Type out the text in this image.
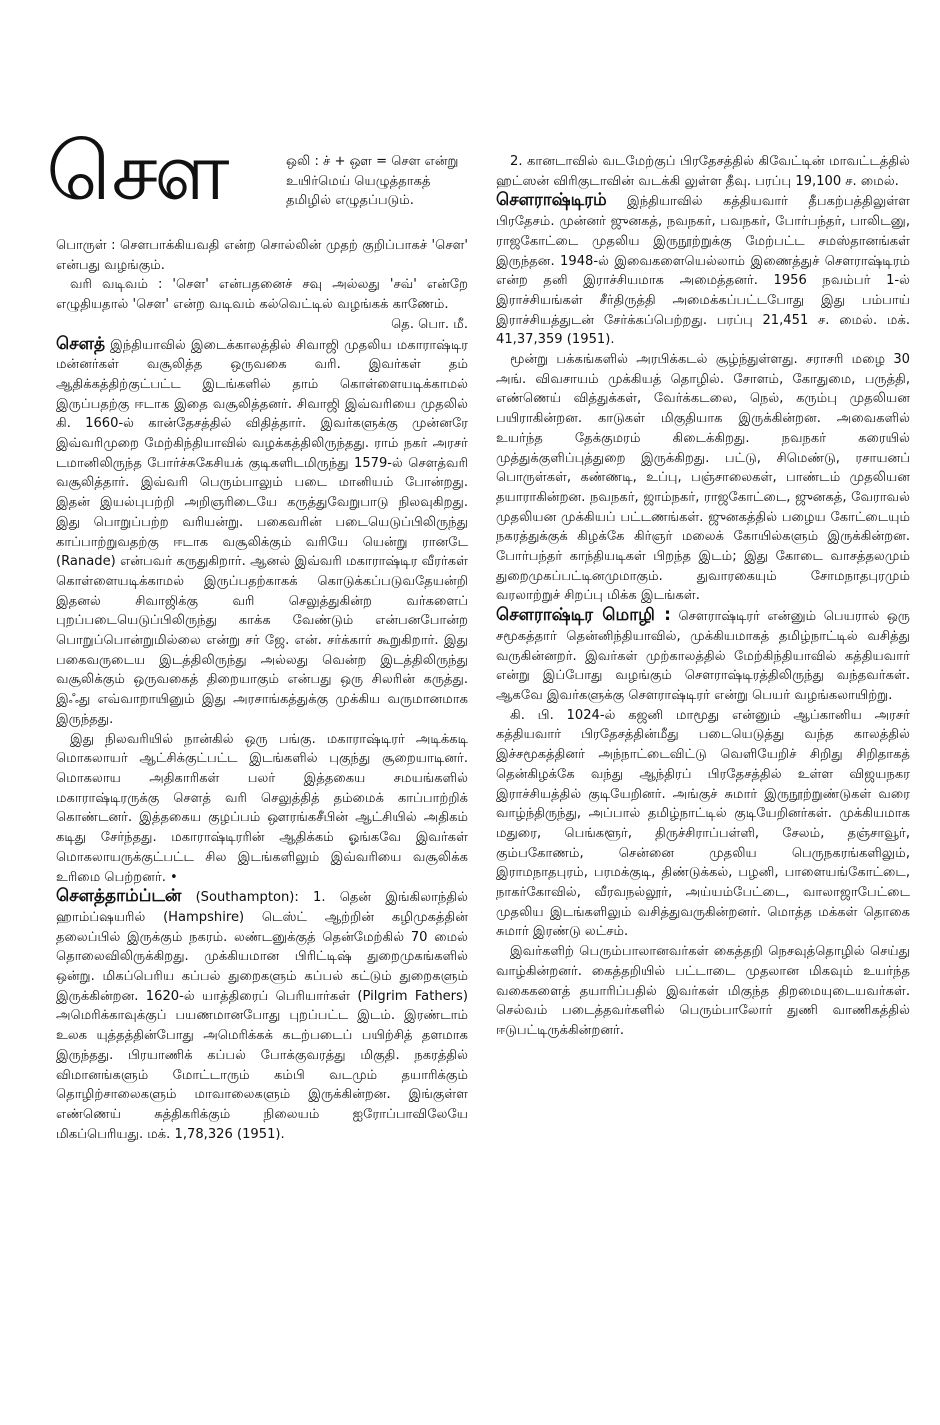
செள	ஒலி : ச் + ஔ = செள என்று உயிர்மெய் யெழுத்தாகத் தமிழில் எழுதப்படும்.

பொருள் : சௌபாக்கியவதி என்ற சொல்லின் முதற் குறிப்பாகச் 'செள' என்பது வழங்கும்.

வரி வடிவம் : 'சௌ' என்பதனைச் சவு அல்லது 'சவ்' என்றே எழுதியதால் 'செள' என்ற வடிவம் கல்வெட்டில் வழங்கக் காணேம்.
தெ. பொ. மீ.

செளத் இந்தியாவில் இடைக்காலத்தில் சிவாஜி முதலிய மகாராஷ்டிர மன்னர்கள் வசூலித்த ஒருவகை வரி. இவர்கள் தம் ஆதிக்கத்திற்குட்பட்ட இடங்களில் தாம் கொள்ளையடிக்காமல் இருப்பதற்கு ஈடாக இதை வசூலித்தனர். சிவாஜி இவ்வரியை முதலில் கி. 1660-ல் கான்தேசத்தில் விதித்தார். இவர்களுக்கு முன்னரே இவ்வரிமுறை மேற்கிந்தியாவில் வழக்கத்திலிருந்தது. ராம் நகர் அரசர் டமானிலிருந்த போர்ச்சுகேசியக் குடிகளிடமிருந்து 1579-ல் செளத்வரி வசூலித்தார். இவ்வரி பெரும்பாலும் படை மானியம் போன்றது. இதன் இயல்புபற்றி அறிஞரிடையே கருத்துவேறுபாடு நிலவுகிறது. இது பொறுப்பற்ற வரியன்று. பகைவரின் படையெடுப்பிலிருந்து காப்பாற்றுவதற்கு ஈடாக வசூலிக்கும் வரியே யென்று ரானடே (Ranade) என்பவர் கருதுகிறார். ஆனல் இவ்வரி மகாராஷ்டிர வீரர்கள் கொள்ளையடிக்காமல் இருப்பதற்காகக் கொடுக்கப்படுவதேயன்றி இதனல் சிவாஜிக்கு வரி செலுத்துகின்ற வர்களைப் புறப்படையெடுப்பிலிருந்து காக்க வேண்டும் என்பனபோன்ற பொறுப்பொன்றுமில்லை என்று சர் ஜே. என். சர்க்கார் கூறுகிறார். இது பகைவருடைய இடத்திலிருந்து அல்லது வென்ற இடத்திலிருந்து வசூலிக்கும் ஒருவகைத் திறையாகும் என்பது ஒரு சிலரின் கருத்து. இஃது எவ்வாறாயினும் இது அரசாங்கத்துக்கு முக்கிய வருமானமாக இருந்தது.

இது நிலவரியில் நான்கில் ஒரு பங்கு. மகாராஷ்டிரர் அடிக்கடி மொகலாயர் ஆட்சிக்குட்பட்ட இடங்களில் புகுந்து சூறையாடினர். மொகலாய அதிகாரிகள் பலர் இத்தகைய சமயங்களில் மகாராஷ்டிரருக்கு செளத் வரி செலுத்தித் தம்மைக் காப்பாற்றிக் கொண்டனர். இத்தகைய குழப்பம் ஔரங்கசீபின் ஆட்சியில் அதிகம் கடிது சேர்ந்தது. மகாராஷ்டிரரின் ஆதிக்கம் ஓங்கவே இவர்கள் மொகலாயருக்குட்பட்ட சில இடங்களிலும் இவ்வரியை வசூலிக்க உரிமை பெற்றனர். •

செளத்தாம்ப்டன் (Southampton): 1. தென் இங்கிலாந்தில் ஹாம்ப்ஷயரில் (Hampshire) டெஸ்ட் ஆற்றின் கழிமுகத்தின் தலைப்பில் இருக்கும் நகரம். லண்டனுக்குத் தென்மேற்கில் 70 மைல் தொலைவிலிருக்கிறது. முக்கியமான பிரிட்டிஷ் துறைமுகங்களில் ஒன்று. மிகப்பெரிய கப்பல் துறைகளும் கப்பல் கட்டும் துறைகளும் இருக்கின்றன. 1620-ல் யாத்திரைப் பெரியார்கள் (Pilgrim Fathers) அமெரிக்காவுக்குப் பயணமானபோது புறப்பட்ட இடம். இரண்டாம் உலக யுத்தத்தின்போது அமெரிக்கக் கடற்படைப் பயிற்சித் தளமாக இருந்தது. பிரயாணிக் கப்பல் போக்குவரத்து மிகுதி. நகரத்தில் விமானங்களும் மோட்டாரும் கம்பி வடமும் தயாரிக்கும் தொழிற்சாலைகளும் மாவாலைகளும் இருக்கின்றன. இங்குள்ள எண்ணெய் சுத்திகரிக்கும் நிலையம் ஐரோப்பாவிலேயே மிகப்பெரியது. மக். 1,78,326 (1951).

2. கானடாவில் வடமேற்குப் பிரதேசத்தில் கிவேட்டின் மாவட்டத்தில் ஹட்ஸன் விரிகுடாவின் வடக்கி லுள்ள தீவு. பரப்பு 19,100 ச. மைல்.

செளராஷ்டிரம் இந்தியாவில் கத்தியவார் தீபகற்பத்திலுள்ள பிரதேசம். முன்னர் ஜுனகத், நவநகர், பவநகர், போர்பந்தர், பாலிடனு, ராஜகோட்டை முதலிய இருநூற்றுக்கு மேற்பட்ட சமஸ்தானங்கள் இருந்தன. 1948-ல் இவைகளையெல்லாம் இணைத்துச் செளராஷ்டிரம் என்ற தனி இராச்சியமாக அமைத்தனர். 1956 நவம்பர் 1-ல் இராச்சியங்கள் சீர்திருத்தி அமைக்கப்பட்டபோது இது பம்பாய் இராச்சியத்துடன் சேர்க்கப்பெற்றது. பரப்பு 21,451 ச. மைல். மக். 41,37,359 (1951).

மூன்று பக்கங்களில் அரபிக்கடல் சூழ்ந்துள்ளது. சராசரி மழை 30 அங். விவசாயம் முக்கியத் தொழில். சோளம், கோதுமை, பருத்தி, எண்ணெய் வித்துக்கள், வேர்க்கடலை, நெல், கரும்பு முதலியன பயிராகின்றன. காடுகள் மிகுதியாக இருக்கின்றன. அவைகளில் உயர்ந்த தேக்குமரம் கிடைக்கிறது. நவநகர் கரையில் முத்துக்குளிப்புத்துறை இருக்கிறது. பட்டு, சிமெண்டு, ரசாயனப் பொருள்கள், கண்ணடி, உப்பு, பஞ்சாலைகள், பாண்டம் முதலியன தயாராகின்றன. நவநகர், ஜாம்நகர், ராஜகோட்டை, ஜுனகத், வேராவல் முதலியன முக்கியப் பட்டணங்கள். ஜுனகத்தில் பழைய கோட்டையும் நகரத்துக்குக் கிழக்கே கிர்ஞர் மலைக் கோயில்களும் இருக்கின்றன. போர்பந்தர் காந்தியடிகள் பிறந்த இடம்; இது கோடை வாசத்தலமும் துறைமுகப்பட்டினமுமாகும். துவாரகையும் சோமநாதபுரமும் வரலாற்றுச் சிறப்பு மிக்க இடங்கள்.

செளராஷ்டிர மொழி : செளராஷ்டிரர் என்னும் பெயரால் ஒரு சமூகத்தார் தென்னிந்தியாவில், முக்கியமாகத் தமிழ்நாட்டில் வசித்து வருகின்னறர். இவர்கள் முற்காலத்தில் மேற்கிந்தியாவில் கத்தியவார் என்று இப்போது வழங்கும் செளராஷ்டிரத்திலிருந்து வந்தவர்கள். ஆகவே இவர்களுக்கு செளராஷ்டிரர் என்று பெயர் வழங்கலாயிற்று.

கி. பி. 1024-ல் கஜனி மாமூது என்னும் ஆப்கானிய அரசர் கத்தியவார் பிரதேசத்தின்மீது படையெடுத்து வந்த காலத்தில் இச்சமூகத்தினர் அந்நாட்டைவிட்டு வெளியேறிச் சிறிது சிறிதாகத் தென்கிழக்கே வந்து ஆந்திரப் பிரதேசத்தில் உள்ள விஜயநகர இராச்சியத்தில் குடியேறினர். அங்குச் சுமார் இருநூற்றுண்டுகள் வரை வாழ்ந்திருந்து, அப்பால் தமிழ்நாட்டில் குடியேறினர்கள். முக்கியமாக மதுரை, பெங்களூர், திருச்சிராப்பள்ளி, சேலம், தஞ்சாவூர், கும்பகோணம், சென்னை முதலிய பெருநகரங்களிலும், இராமநாதபுரம், பரமக்குடி, திண்டுக்கல், பழனி, பாளையங்கோட்டை, நாகர்கோவில், வீரவநல்லூர், அய்யம்பேட்டை, வாலாஜாபேட்டை முதலிய இடங்களிலும் வசித்துவருகின்றனர். மொத்த மக்கள் தொகை சுமார் இரண்டு லட்சம்.

இவர்களிற் பெரும்பாலானவர்கள் கைத்தறி நெசவுத்தொழில் செய்து வாழ்கின்றனர். கைத்தறியில் பட்டாடை முதலான மிகவும் உயர்ந்த வகைகளைத் தயாரிப்பதில் இவர்கள் மிகுந்த திறமையுடையவர்கள். செல்வம் படைத்தவர்களில் பெரும்பாலோர் துணி வாணிகத்தில் ஈடுபட்டிருக்கின்றனர்.
